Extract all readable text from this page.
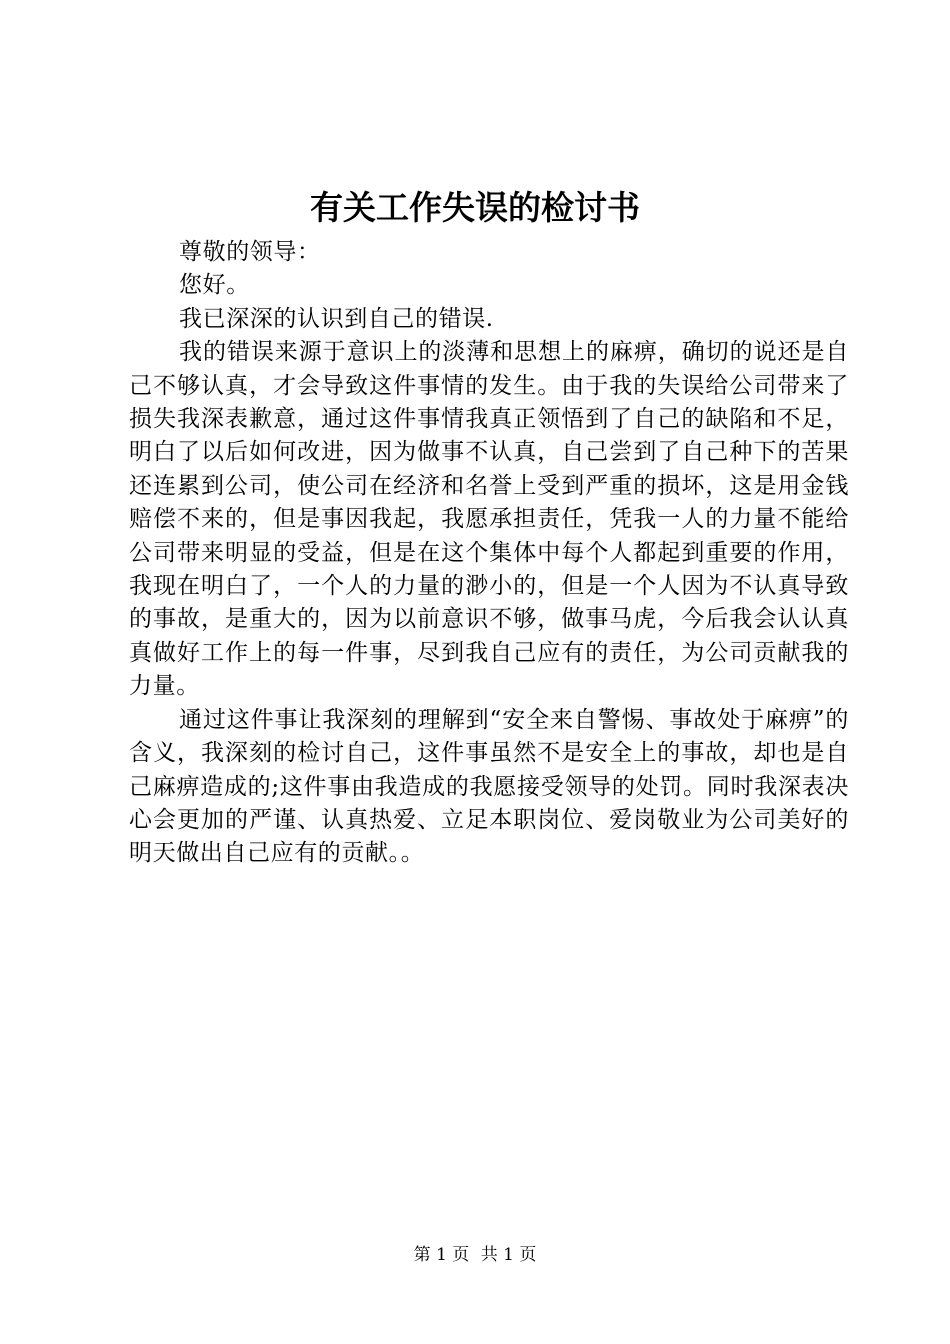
有关工作失误的检讨书

尊敬的领导：

您好。

我已深深的认识到自己的错误.

我的错误来源于意识上的淡薄和思想上的麻痹，确切的说还是自己不够认真，才会导致这件事情的发生。由于我的失误给公司带来了损失我深表歉意，通过这件事情我真正领悟到了自己的缺陷和不足，明白了以后如何改进，因为做事不认真，自己尝到了自己种下的苦果还连累到公司，使公司在经济和名誉上受到严重的损坏，这是用金钱赔偿不来的，但是事因我起，我愿承担责任，凭我一人的力量不能给公司带来明显的受益，但是在这个集体中每个人都起到重要的作用，我现在明白了，一个人的力量的渺小的，但是一个人因为不认真导致的事故，是重大的，因为以前意识不够，做事马虎，今后我会认认真真做好工作上的每一件事，尽到我自己应有的责任，为公司贡献我的力量。

通过这件事让我深刻的理解到“安全来自警惕、事故处于麻痹”的含义，我深刻的检讨自己，这件事虽然不是安全上的事故，却也是自己麻痹造成的;这件事由我造成的我愿接受领导的处罚。同时我深表决心会更加的严谨、认真热爱、立足本职岗位、爱岗敬业为公司美好的明天做出自己应有的贡献。。

第 1 页 共 1 页
